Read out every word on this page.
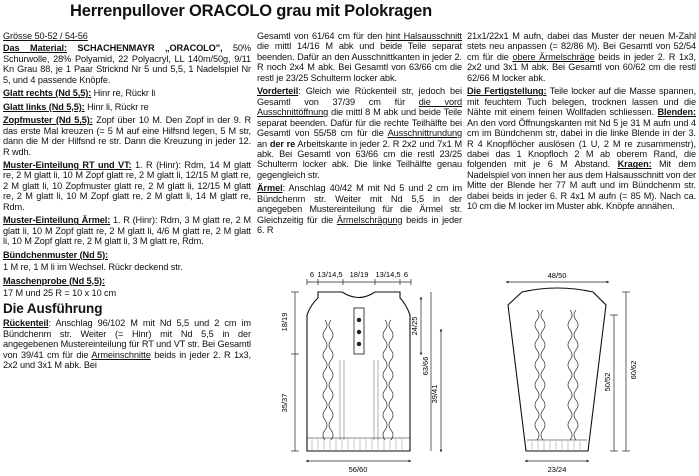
Herrenpullover ORACOLO grau mit Polokragen

Grösse 50-52 / 54-56

Das Material: SCHACHENMAYR „ORACOLO", 50% Schurwolle, 28% Polyamid, 22 Polyacryl, LL 140m/50g, 9/11 Kn Grau 88, je 1 Paar Stricknd Nr 5 und 5,5, 1 Nadelspiel Nr 5, und 4 passende Knöpfe.

Glatt rechts (Nd 5,5): Hinr re, Rückr li

Glatt links (Nd 5,5): Hinr li, Rückr re

Zopfmuster (Nd 5,5): Zopf über 10 M. Den Zopf in der 9. R das erste Mal kreuzen (= 5 M auf eine Hilfsnd legen, 5 M str, dann die M der Hilfsnd re str. Dann die Kreuzung in jeder 12. R wdh.

Muster-Einteilung RT und VT: 1. R (Hinr): Rdm, 14 M glatt re, 2 M glatt li, 10 M Zopf glatt re, 2 M glatt li, 12/15 M glatt re, 2 M glatt li, 10 Zopfmuster glatt re, 2 M glatt li, 12/15 M glatt re, 2 M glatt li, 10 M Zopf glatt re, 2 M glatt li, 14 M glatt re, Rdm.

Muster-Einteilung Ärmel: 1. R (Hinr): Rdm, 3 M glatt re, 2 M glatt li, 10 M Zopf glatt re, 2 M glatt li, 4/6 M glatt re, 2 M glatt li, 10 M Zopf glatt re, 2 M glatt li, 3 M glatt re, Rdm.

Bündchenmuster (Nd 5):

1 M re, 1 M li im Wechsel. Rückr deckend str.

Maschenprobe (Nd 5,5):

17 M und 25 R = 10 x 10 cm

Die Ausführung

Rückenteil: Anschlag 96/102 M mit Nd 5,5 und 2 cm im Bündchenm str. Weiter (= Hinr) mit Nd 5,5 in der angegebenen Mustereinteilung für RT und VT str. Bei Gesamtl von 39/41 cm für die Armeinschnitte beids in jeder 2. R 1x3, 2x2 und 3x1 M abk. Bei

Gesamtl von 61/64 cm für den hint Halsausschnitt die mittl 14/16 M abk und beide Teile separat beenden. Dafür an den Ausschnittkanten in jeder 2. R noch 2x4 M abk. Bei Gesamtl von 63/66 cm die restl je 23/25 Schulterm locker abk.

Vorderteil: Gleich wie Rückenteil str, jedoch bei Gesamtl von 37/39 cm für die vord Ausschnittöffnung die mittl 8 M abk und beide Teile separat beenden. Dafür für die rechte Teilhälfte bei Gesamtl von 55/58 cm für die Ausschnittrundung an der re Arbeitskante in jeder 2. R 2x2 und 7x1 M abk. Bei Gesamtl von 63/66 cm die restl 23/25 Schulterm locker abk. Die linke Teilhälfte genau gegengleich str.

Ärmel: Anschlag 40/42 M mit Nd 5 und 2 cm im Bündchenm str. Weiter mit Nd 5,5 in der angegeben Mustereinteilung für die Ärmel str. Gleichzeitig für die Ärmelschrägung beids in jeder 6. R

21x1/22x1 M aufn, dabei das Muster der neuen M-Zahl stets neu anpassen (= 82/86 M). Bei Gesamtl von 52/54 cm für die obere Ärmelschräge beids in jeder 2. R 1x3, 2x2 und 3x1 M abk. Bei Gesamtl von 60/62 cm die restl 62/66 M locker abk.

Die Fertigstellung: Teile locker auf die Masse spannen, mit feuchtem Tuch belegen, trocknen lassen und die Nähte mit einem feinen Wollfaden schliessen. Blenden: An den vord Öffnungskanten mit Nd 5 je 31 M aufn und 4 cm im Bündchenm str, dabei in die linke Blende in der 3. R 4 Knopflöcher auslösen (1 U, 2 M re zusammenstr), dabei das 1 Knopfloch 2 M ab oberem Rand, die folgenden mit je 6 M Abstand. Kragen: Mit dem Nadelspiel von innen her aus dem Halsausschnitt von der Mitte der Blende her 77 M auft und im Bündchenm str. dabei beids in jeder 6. R 4x1 M aufn (= 85 M). Nach ca. 10 cm die M locker im Muster abk. Knöpfe annähen.

6 13/14,5 18/19 13/14,5 6
18/19
35/37
24/25
63/66
39/41
56/60
48/50
50/52
60/62
23/24
